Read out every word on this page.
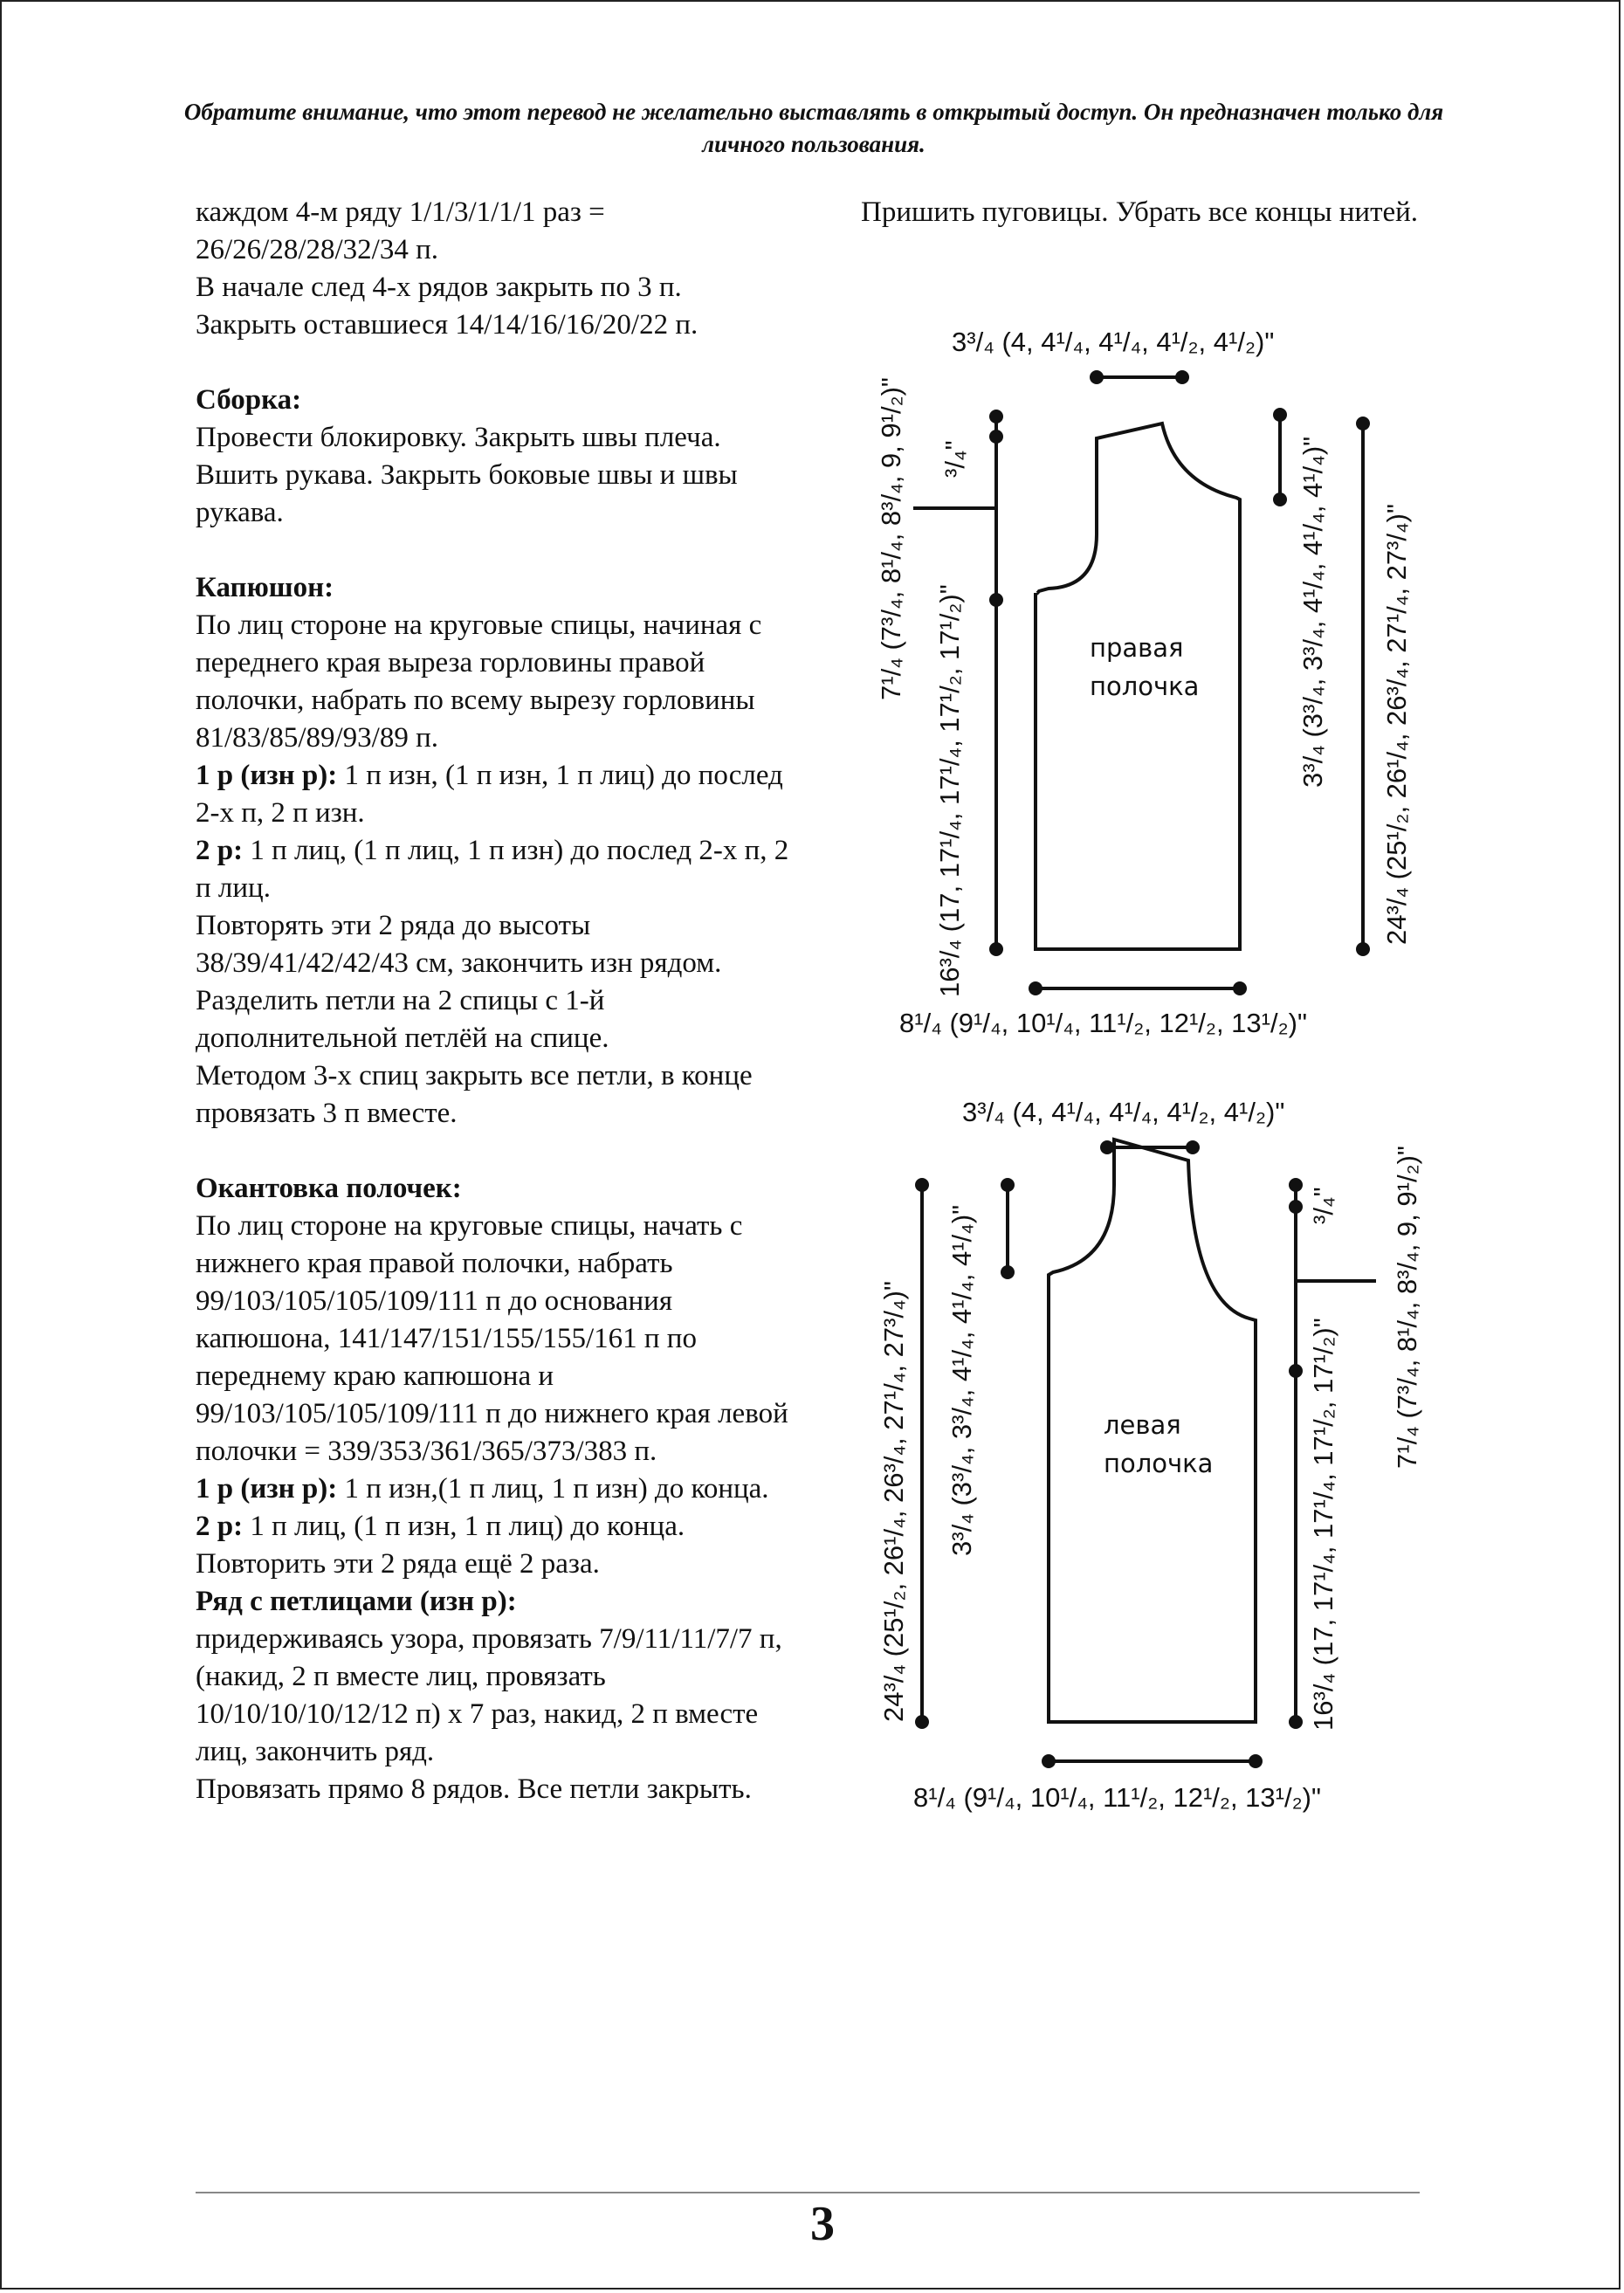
Обратите внимание, что этот перевод не желательно выставлять в открытый доступ. Он предназначен только для личного пользования.

каждом 4-м ряду 1/1/3/1/1/1 раз = 26/26/28/28/32/34 п.

В начале след 4-х рядов закрыть по 3 п.

Закрыть оставшиеся 14/14/16/16/20/22 п.

Сборка:

Провести блокировку. Закрыть швы плеча. Вшить рукава. Закрыть боковые швы и швы рукава.

Капюшон:

По лиц стороне на круговые спицы, начиная с переднего края выреза горловины правой полочки, набрать по всему вырезу горловины 81/83/85/89/93/89 п.

1 р (изн р): 1 п изн, (1 п изн, 1 п лиц) до послед 2-х п, 2 п изн.

2 р: 1 п лиц, (1 п лиц, 1 п изн) до послед 2-х п, 2 п лиц.

Повторять эти 2 ряда до высоты 38/39/41/42/42/43 см, закончить изн рядом.

Разделить петли на 2 спицы с 1-й дополнительной петлёй на спице.

Методом 3-х спиц закрыть все петли, в конце провязать 3 п вместе.

Окантовка полочек:

По лиц стороне на круговые спицы, начать с нижнего края правой полочки, набрать 99/103/105/105/109/111 п до основания капюшона, 141/147/151/155/155/161 п по переднему краю капюшона и 99/103/105/105/109/111 п до нижнего края левой полочки = 339/353/361/365/373/383 п.

1 р (изн р): 1 п изн,(1 п лиц, 1 п изн) до конца.

2 р: 1 п лиц, (1 п изн, 1 п лиц) до конца.

Повторить эти 2 ряда ещё 2 раза.

Ряд с петлицами (изн р):

придерживаясь узора, провязать 7/9/11/11/7/7 п, (накид, 2 п вместе лиц, провязать 10/10/10/10/12/12 п) x 7 раз, накид, 2 п вместе лиц, закончить ряд.

Провязать прямо 8 рядов. Все петли закрыть.

Пришить пуговицы. Убрать все концы нитей.

правая
полочка
3³/₄ (4, 4¹/₄, 4¹/₄, 4¹/₂, 4¹/₂)"
8¹/₄ (9¹/₄, 10¹/₄, 11¹/₂, 12¹/₂, 13¹/₂)"
7¹/₄ (7³/₄, 8¹/₄, 8³/₄, 9, 9¹/₂)" ³/₄"
16³/₄ (17, 17¹/₄, 17¹/₄, 17¹/₂, 17¹/₂)"	3³/₄ (3³/₄, 3³/₄, 4¹/₄, 4¹/₄, 4¹/₄)" 24³/₄ (25¹/₂, 26¹/₄, 26³/₄, 27¹/₄, 27³/₄)"
левая
полочка
3³/₄ (4, 4¹/₄, 4¹/₄, 4¹/₂, 4¹/₂)"
8¹/₄ (9¹/₄, 10¹/₄, 11¹/₂, 12¹/₂, 13¹/₂)"
24³/₄ (25¹/₂, 26¹/₄, 26³/₄, 27¹/₄, 27³/₄)" 3³/₄ (3³/₄, 3³/₄, 4¹/₄, 4¹/₄, 4¹/₄)"	³/₄"
16³/₄ (17, 17¹/₄, 17¹/₄, 17¹/₂, 17¹/₂)"
7¹/₄ (7³/₄, 8¹/₄, 8³/₄, 9, 9¹/₂)"
3
